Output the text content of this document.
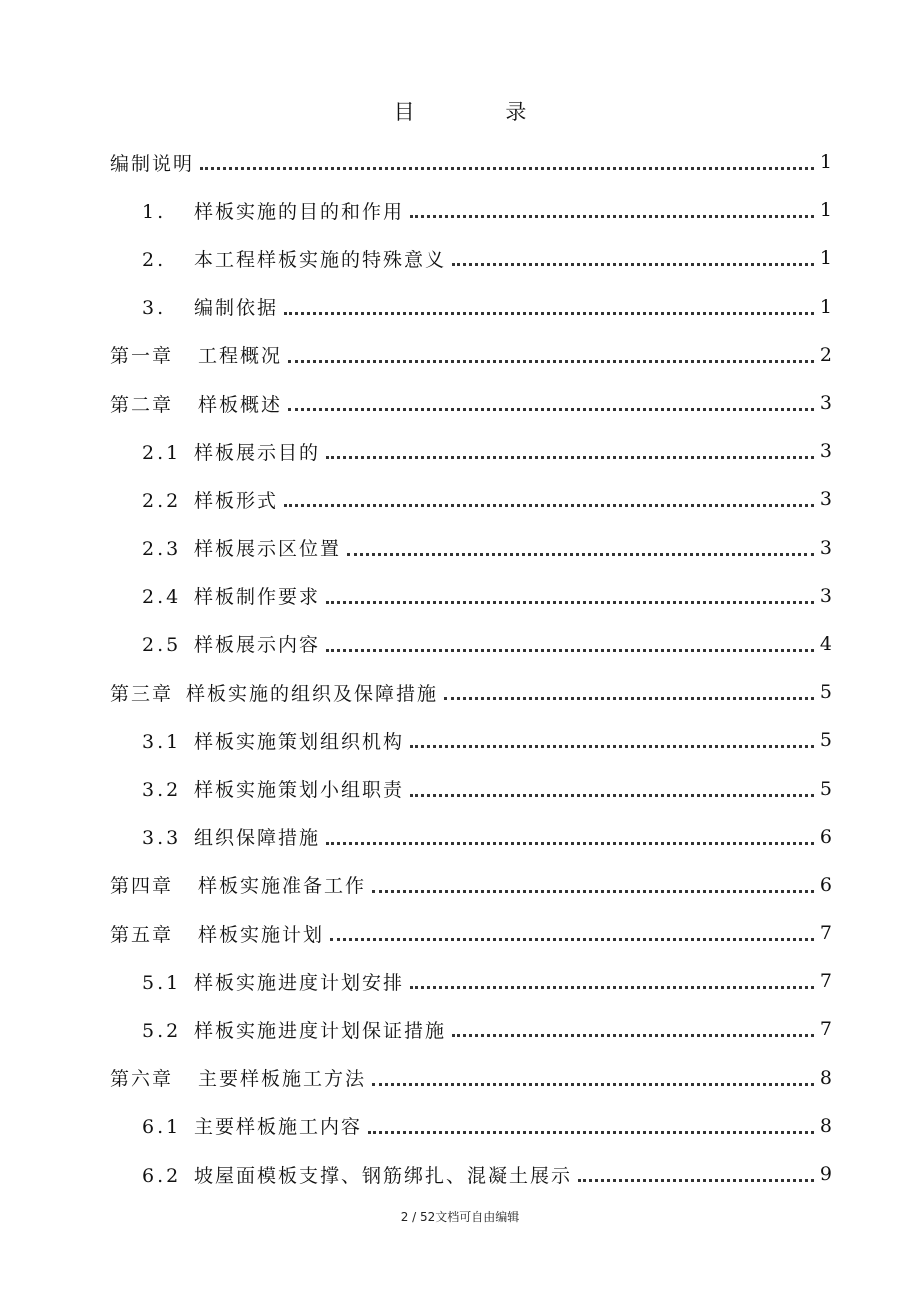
目 录
编制说明	1
1. 样板实施的目的和作用	1
2. 本工程样板实施的特殊意义	1
3. 编制依据	1
第一章 工程概况	2
第二章 样板概述	3
2.1 样板展示目的	3
2.2 样板形式	3
2.3 样板展示区位置	3
2.4 样板制作要求	3
2.5 样板展示内容	4
第三章 样板实施的组织及保障措施	5
3.1 样板实施策划组织机构	5
3.2 样板实施策划小组职责	5
3.3 组织保障措施	6
第四章 样板实施准备工作	6
第五章 样板实施计划	7
5.1 样板实施进度计划安排	7
5.2 样板实施进度计划保证措施	7
第六章 主要样板施工方法	8
6.1 主要样板施工内容	8
6.2 坡屋面模板支撑、钢筋绑扎、混凝土展示	9
2 / 52文档可自由编辑
